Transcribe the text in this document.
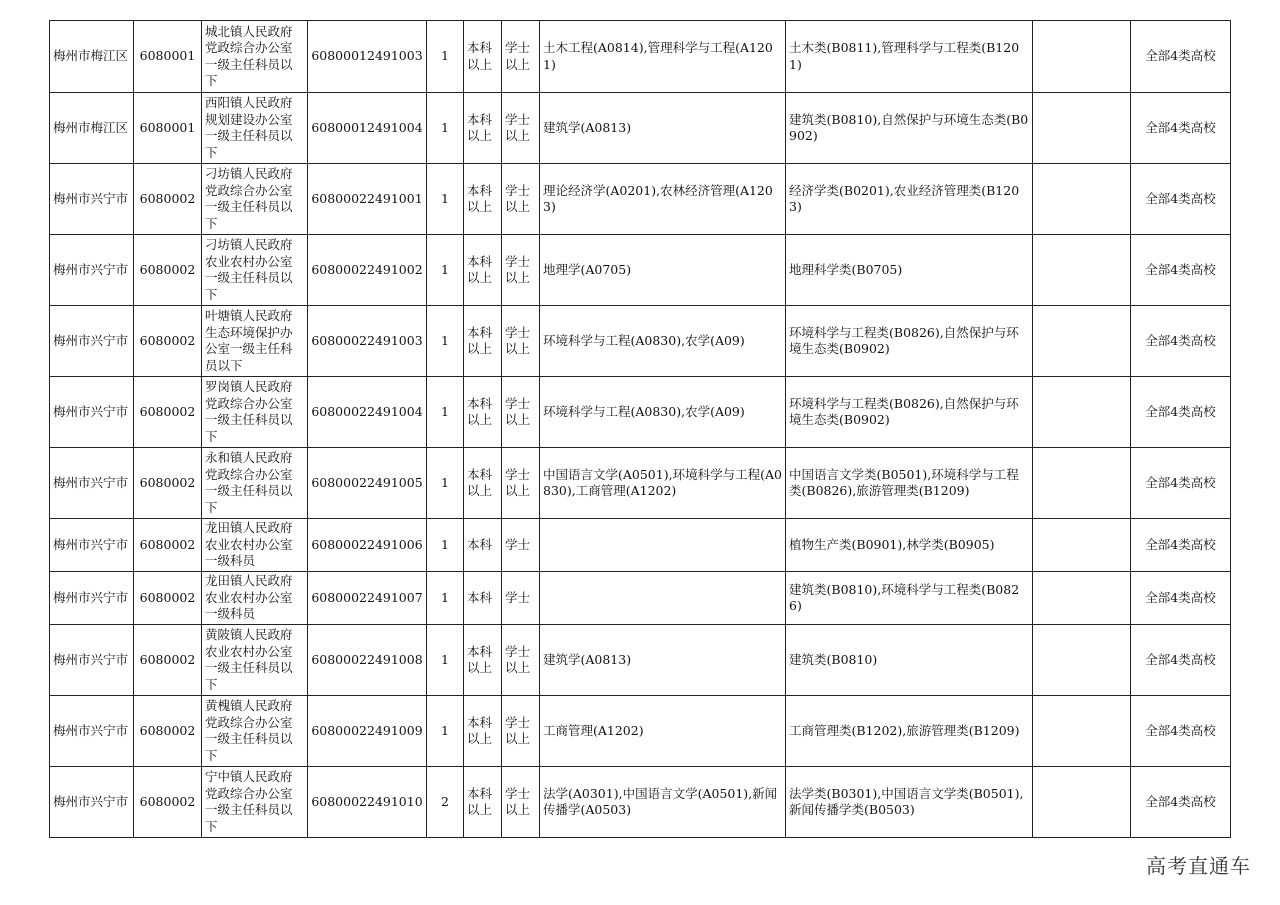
梅州市梅江区	6080001	城北镇人民政府党政综合办公室一级主任科员以下	60800012491003	1	本科以上	学士以上	土木工程(A0814),管理科学与工程(A1201)	土木类(B0811),管理科学与工程类(B1201)		全部4类高校
梅州市梅江区	6080001	西阳镇人民政府规划建设办公室一级主任科员以下	60800012491004	1	本科以上	学士以上	建筑学(A0813)	建筑类(B0810),自然保护与环境生态类(B0902)		全部4类高校
梅州市兴宁市	6080002	刁坊镇人民政府党政综合办公室一级主任科员以下	60800022491001	1	本科以上	学士以上	理论经济学(A0201),农林经济管理(A1203)	经济学类(B0201),农业经济管理类(B1203)		全部4类高校
梅州市兴宁市	6080002	刁坊镇人民政府农业农村办公室一级主任科员以下	60800022491002	1	本科以上	学士以上	地理学(A0705)	地理科学类(B0705)		全部4类高校
梅州市兴宁市	6080002	叶塘镇人民政府生态环境保护办公室一级主任科员以下	60800022491003	1	本科以上	学士以上	环境科学与工程(A0830),农学(A09)	环境科学与工程类(B0826),自然保护与环境生态类(B0902)		全部4类高校
梅州市兴宁市	6080002	罗岗镇人民政府党政综合办公室一级主任科员以下	60800022491004	1	本科以上	学士以上	环境科学与工程(A0830),农学(A09)	环境科学与工程类(B0826),自然保护与环境生态类(B0902)		全部4类高校
梅州市兴宁市	6080002	永和镇人民政府党政综合办公室一级主任科员以下	60800022491005	1	本科以上	学士以上	中国语言文学(A0501),环境科学与工程(A0830),工商管理(A1202)	中国语言文学类(B0501),环境科学与工程类(B0826),旅游管理类(B1209)		全部4类高校
梅州市兴宁市	6080002	龙田镇人民政府农业农村办公室一级科员	60800022491006	1	本科	学士		植物生产类(B0901),林学类(B0905)		全部4类高校
梅州市兴宁市	6080002	龙田镇人民政府农业农村办公室一级科员	60800022491007	1	本科	学士		建筑类(B0810),环境科学与工程类(B0826)		全部4类高校
梅州市兴宁市	6080002	黄陂镇人民政府农业农村办公室一级主任科员以下	60800022491008	1	本科以上	学士以上	建筑学(A0813)	建筑类(B0810)		全部4类高校
梅州市兴宁市	6080002	黄槐镇人民政府党政综合办公室一级主任科员以下	60800022491009	1	本科以上	学士以上	工商管理(A1202)	工商管理类(B1202),旅游管理类(B1209)		全部4类高校
梅州市兴宁市	6080002	宁中镇人民政府党政综合办公室一级主任科员以下	60800022491010	2	本科以上	学士以上	法学(A0301),中国语言文学(A0501),新闻传播学(A0503)	法学类(B0301),中国语言文学类(B0501),新闻传播学类(B0503)		全部4类高校
高考直通车
